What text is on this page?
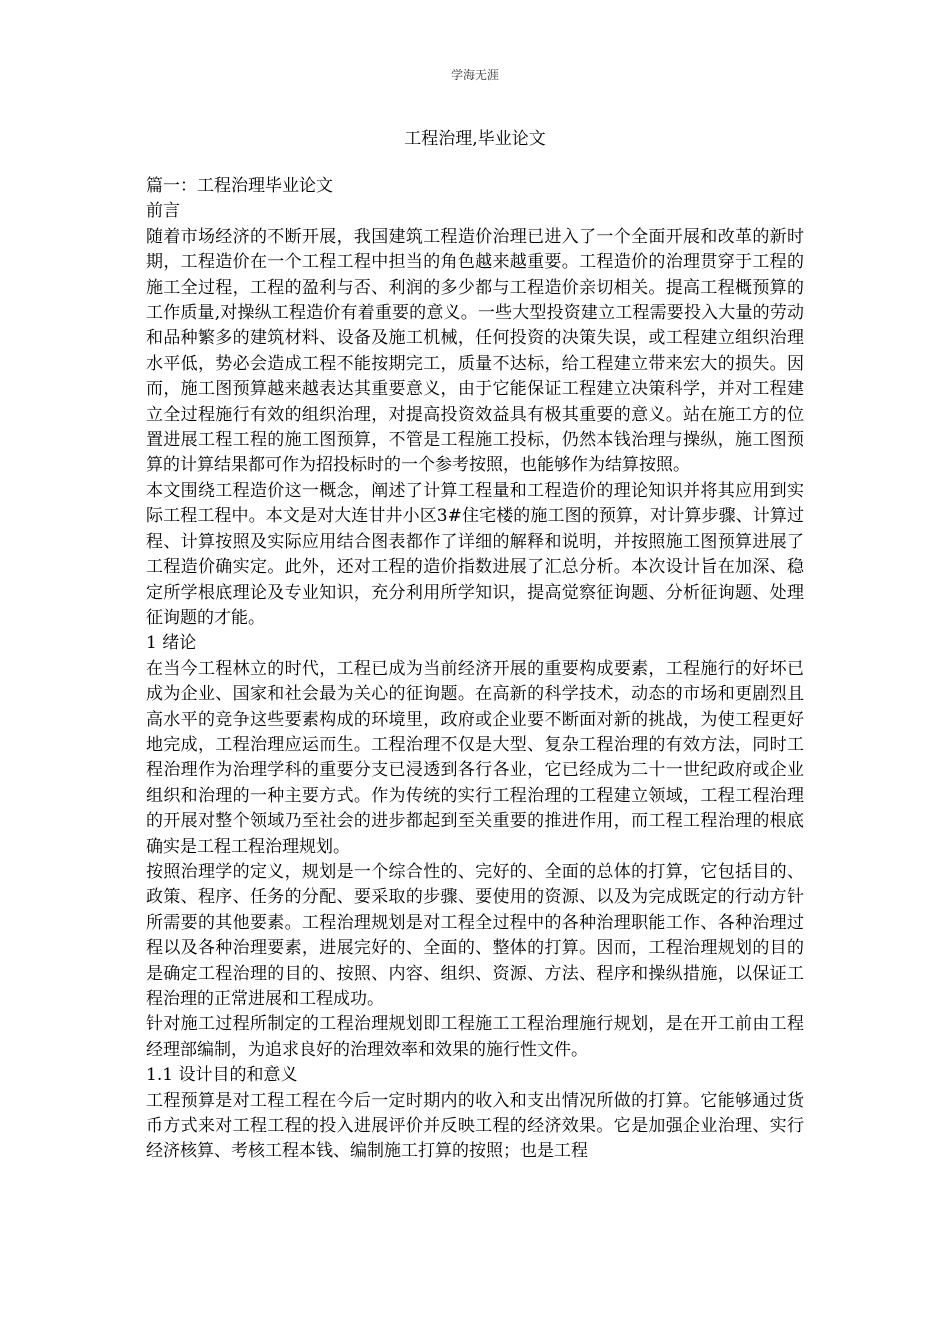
学海无涯
工程治理,毕业论文

篇一：工程治理毕业论文

前言

随着市场经济的不断开展，我国建筑工程造价治理已进入了一个全面开展和改革的新时期，工程造价在一个工程工程中担当的角色越来越重要。工程造价的治理贯穿于工程的施工全过程，工程的盈利与否、利润的多少都与工程造价亲切相关。提高工程概预算的工作质量,对操纵工程造价有着重要的意义。一些大型投资建立工程需要投入大量的劳动和品种繁多的建筑材料、设备及施工机械，任何投资的决策失误，或工程建立组织治理水平低，势必会造成工程不能按期完工，质量不达标，给工程建立带来宏大的损失。因而，施工图预算越来越表达其重要意义，由于它能保证工程建立决策科学，并对工程建立全过程施行有效的组织治理，对提高投资效益具有极其重要的意义。站在施工方的位置进展工程工程的施工图预算，不管是工程施工投标，仍然本钱治理与操纵，施工图预算的计算结果都可作为招投标时的一个参考按照，也能够作为结算按照。

本文围绕工程造价这一概念，阐述了计算工程量和工程造价的理论知识并将其应用到实际工程工程中。本文是对大连甘井小区3#住宅楼的施工图的预算，对计算步骤、计算过程、计算按照及实际应用结合图表都作了详细的解释和说明，并按照施工图预算进展了工程造价确实定。此外，还对工程的造价指数进展了汇总分析。本次设计旨在加深、稳定所学根底理论及专业知识，充分利用所学知识，提高觉察征询题、分析征询题、处理征询题的才能。

1 绪论

在当今工程林立的时代，工程已成为当前经济开展的重要构成要素，工程施行的好坏已成为企业、国家和社会最为关心的征询题。在高新的科学技术，动态的市场和更剧烈且高水平的竞争这些要素构成的环境里，政府或企业要不断面对新的挑战，为使工程更好地完成，工程治理应运而生。工程治理不仅是大型、复杂工程治理的有效方法，同时工程治理作为治理学科的重要分支已浸透到各行各业，它已经成为二十一世纪政府或企业组织和治理的一种主要方式。作为传统的实行工程治理的工程建立领域，工程工程治理的开展对整个领域乃至社会的进步都起到至关重要的推进作用，而工程工程治理的根底确实是工程工程治理规划。

按照治理学的定义，规划是一个综合性的、完好的、全面的总体的打算，它包括目的、政策、程序、任务的分配、要采取的步骤、要使用的资源、以及为完成既定的行动方针所需要的其他要素。工程治理规划是对工程全过程中的各种治理职能工作、各种治理过程以及各种治理要素，进展完好的、全面的、整体的打算。因而，工程治理规划的目的是确定工程治理的目的、按照、内容、组织、资源、方法、程序和操纵措施，以保证工程治理的正常进展和工程成功。

针对施工过程所制定的工程治理规划即工程施工工程治理施行规划，是在开工前由工程经理部编制，为追求良好的治理效率和效果的施行性文件。

1.1 设计目的和意义

工程预算是对工程工程在今后一定时期内的收入和支出情况所做的打算。它能够通过货币方式来对工程工程的投入进展评价并反映工程的经济效果。它是加强企业治理、实行经济核算、考核工程本钱、编制施工打算的按照；也是工程
